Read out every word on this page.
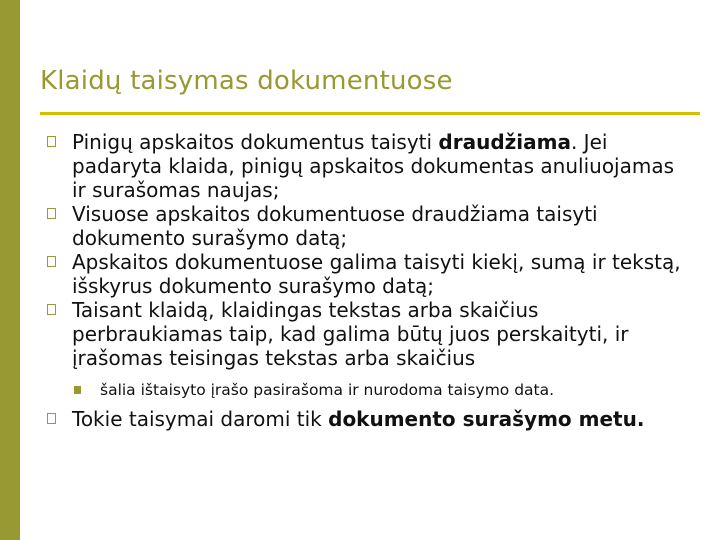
Klaidų taisymas dokumentuose
Pinigų apskaitos dokumentus taisyti draudžiama. Jei padaryta klaida, pinigų apskaitos dokumentas anuliuojamas ir surašomas naujas;
Visuose apskaitos dokumentuose draudžiama taisyti dokumento surašymo datą;
Apskaitos dokumentuose galima taisyti kiekį, sumą ir tekstą, išskyrus dokumento surašymo datą;
Taisant klaidą, klaidingas tekstas arba skaičius perbraukiamas taip, kad galima būtų juos perskaityti, ir įrašomas teisingas tekstas arba skaičius
šalia ištaisyto įrašo pasirašoma ir nurodoma taisymo data.
Tokie taisymai daromi tik dokumento surašymo metu.
